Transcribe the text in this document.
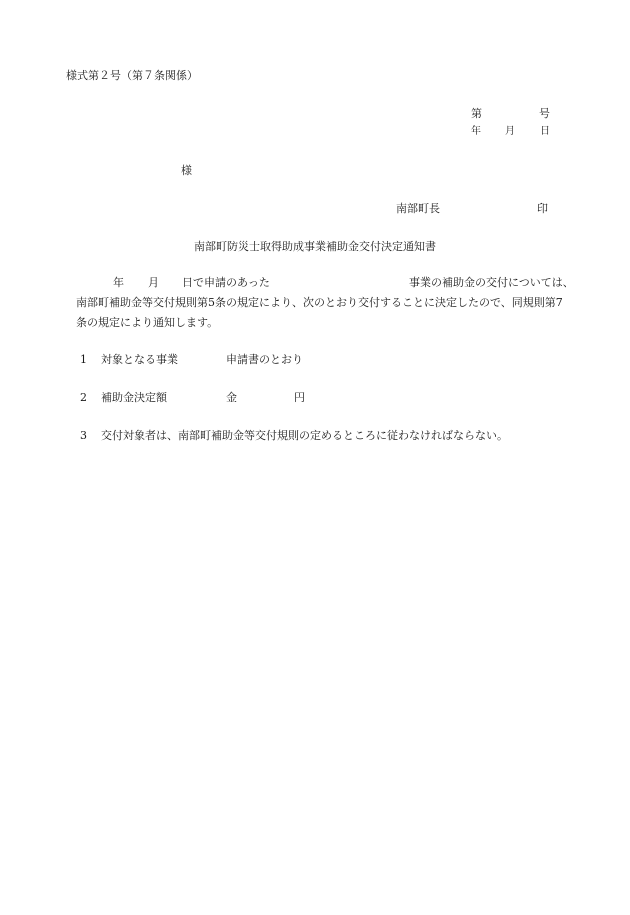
様式第２号（第７条関係）
第	号
年 月	日
様
南部町長	印
南部町防災士取得助成事業補助金交付決定通知書
年 月 日で申請のあった	事業の補助金の交付については、
南部町補助金等交付規則第5条の規定により、次のとおり交付することに決定したので、同規則第7
条の規定により通知します。
1 対象となる事業	申請書のとおり
2 補助金決定額	金	円
3 交付対象者は、南部町補助金等交付規則の定めるところに従わなければならない。
